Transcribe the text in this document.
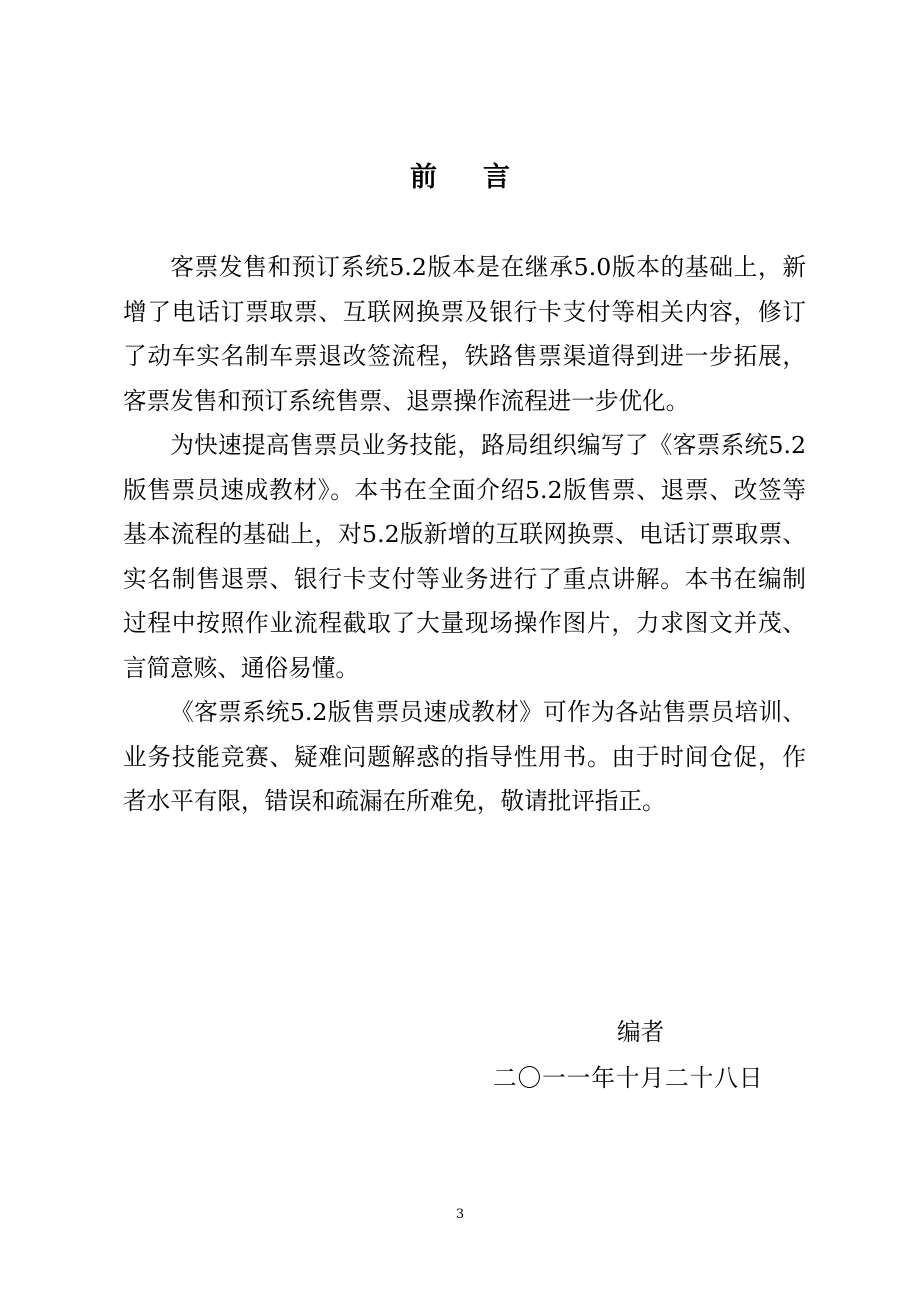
前言

客票发售和预订系统5.2版本是在继承5.0版本的基础上，新增了电话订票取票、互联网换票及银行卡支付等相关内容，修订了动车实名制车票退改签流程，铁路售票渠道得到进一步拓展，客票发售和预订系统售票、退票操作流程进一步优化。

为快速提高售票员业务技能，路局组织编写了《客票系统5.2版售票员速成教材》。本书在全面介绍5.2版售票、退票、改签等基本流程的基础上，对5.2版新增的互联网换票、电话订票取票、实名制售退票、银行卡支付等业务进行了重点讲解。本书在编制过程中按照作业流程截取了大量现场操作图片，力求图文并茂、言简意赅、通俗易懂。

《客票系统5.2版售票员速成教材》可作为各站售票员培训、业务技能竞赛、疑难问题解惑的指导性用书。由于时间仓促，作者水平有限，错误和疏漏在所难免，敬请批评指正。

编者
二〇一一年十月二十八日
3
